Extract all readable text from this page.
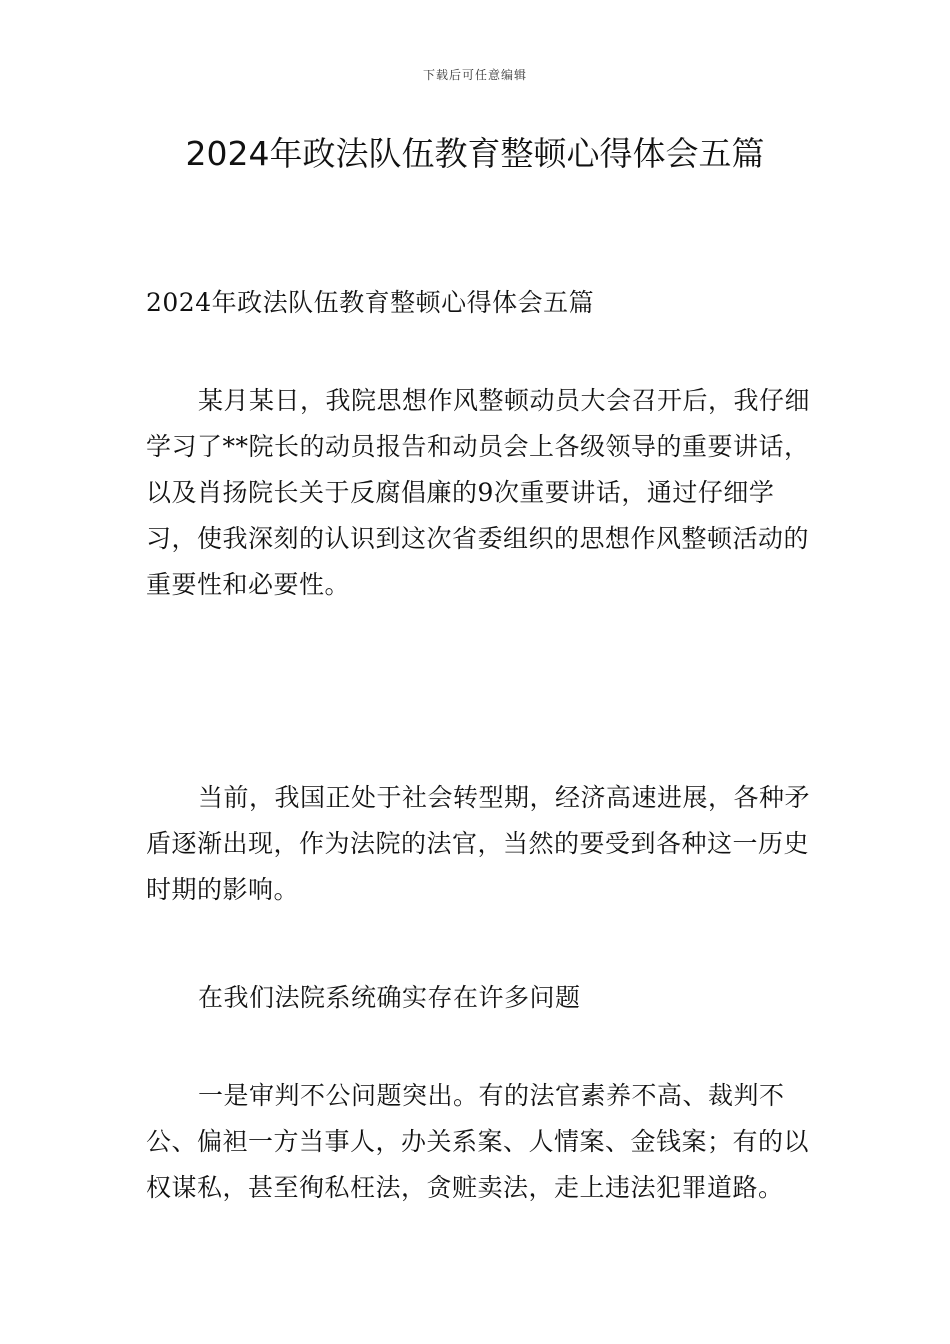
下载后可任意编辑
2024年政法队伍教育整顿心得体会五篇

2024年政法队伍教育整顿心得体会五篇

某月某日，我院思想作风整顿动员大会召开后，我仔细学习了**院长的动员报告和动员会上各级领导的重要讲话，以及肖扬院长关于反腐倡廉的9次重要讲话，通过仔细学习，使我深刻的认识到这次省委组织的思想作风整顿活动的重要性和必要性。

当前，我国正处于社会转型期，经济高速进展，各种矛盾逐渐出现，作为法院的法官，当然的要受到各种这一历史时期的影响。

在我们法院系统确实存在许多问题

一是审判不公问题突出。有的法官素养不高、裁判不公、偏袒一方当事人，办关系案、人情案、金钱案；有的以权谋私，甚至徇私枉法，贪赃卖法，走上违法犯罪道路。
